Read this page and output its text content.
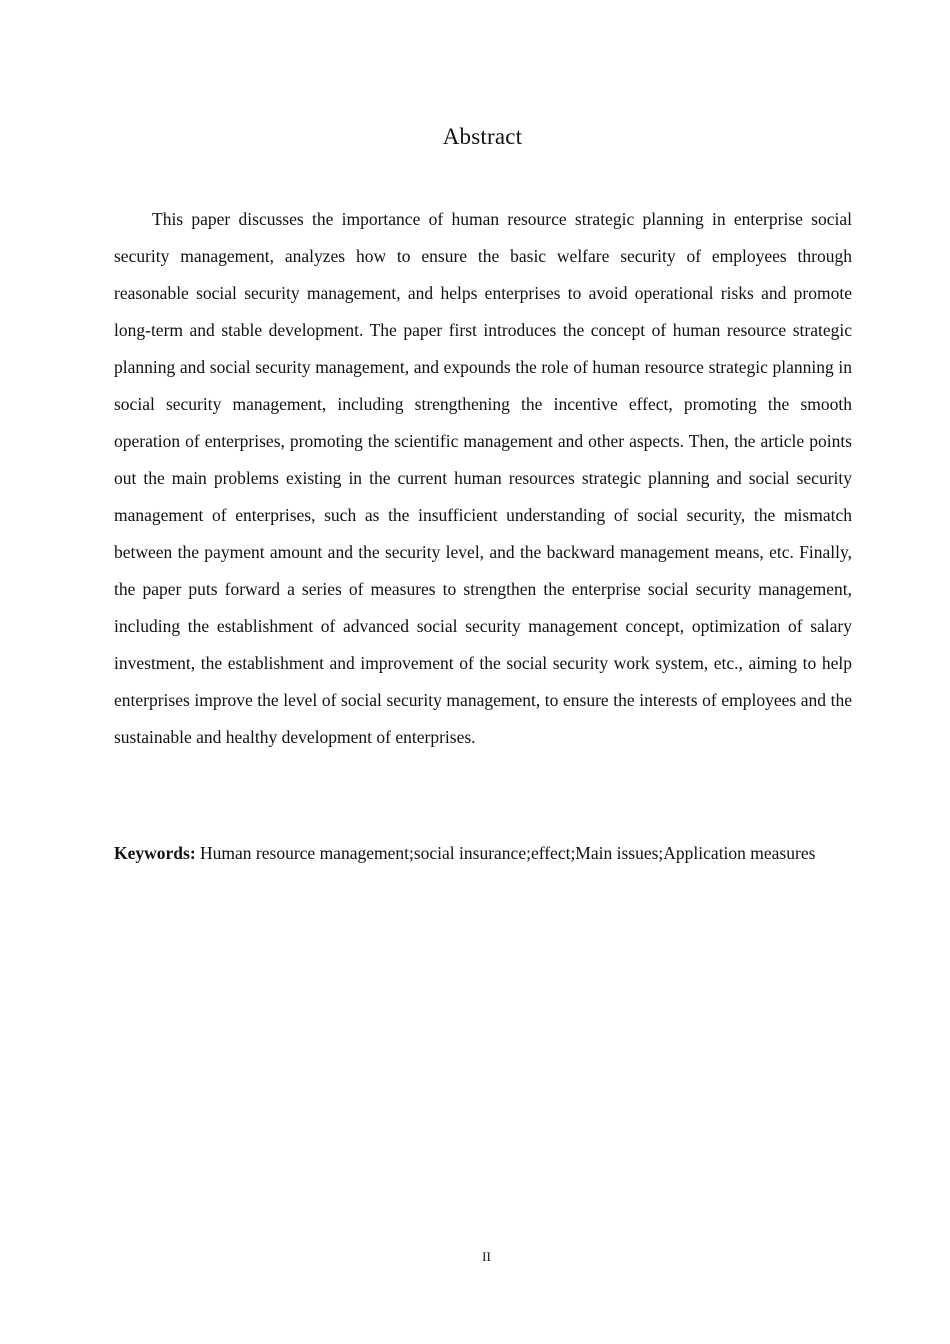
Abstract

This paper discusses the importance of human resource strategic planning in enterprise social security management, analyzes how to ensure the basic welfare security of employees through reasonable social security management, and helps enterprises to avoid operational risks and promote long-term and stable development. The paper first introduces the concept of human resource strategic planning and social security management, and expounds the role of human resource strategic planning in social security management, including strengthening the incentive effect, promoting the smooth operation of enterprises, promoting the scientific management and other aspects. Then, the article points out the main problems existing in the current human resources strategic planning and social security management of enterprises, such as the insufficient understanding of social security, the mismatch between the payment amount and the security level, and the backward management means, etc. Finally, the paper puts forward a series of measures to strengthen the enterprise social security management, including the establishment of advanced social security management concept, optimization of salary investment, the establishment and improvement of the social security work system, etc., aiming to help enterprises improve the level of social security management, to ensure the interests of employees and the sustainable and healthy development of enterprises.

Keywords: Human resource management;social insurance;effect;Main issues;Application measures

II
